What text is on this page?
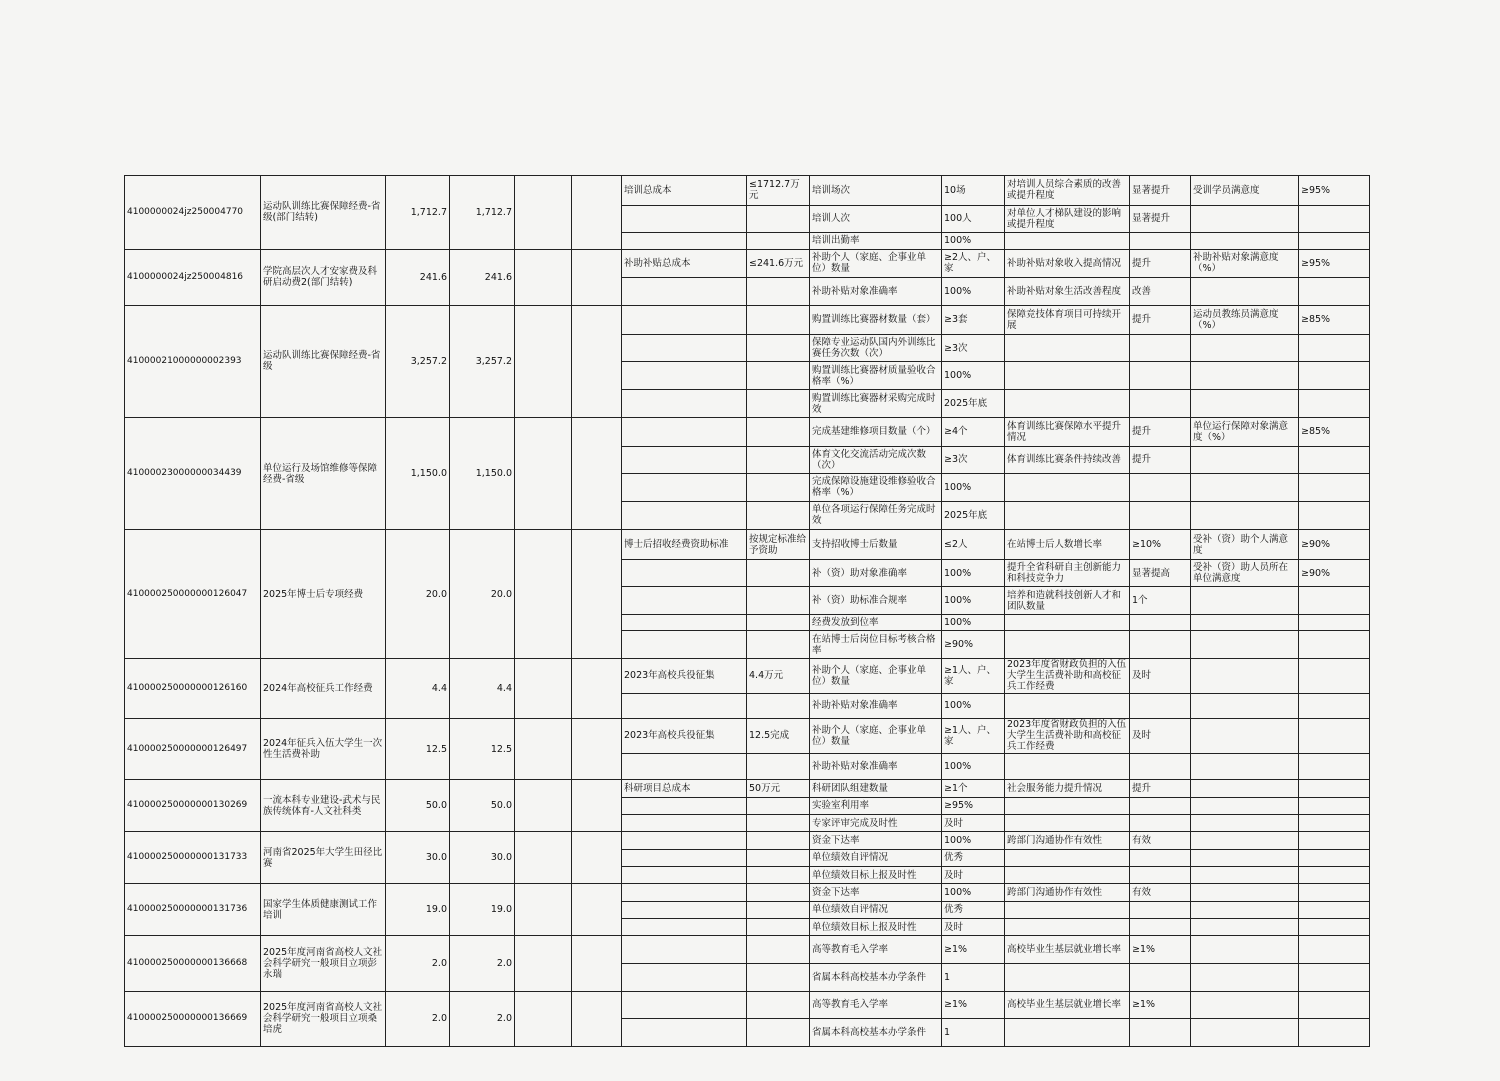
4100000024jz250004770	运动队训练比赛保障经费-省级(部门结转)	1,712.7	1,712.7			培训总成本	≤1712.7万元	培训场次	10场	对培训人员综合素质的改善或提升程度	显著提升	受训学员满意度	≥95%
								培训人次	100人	对单位人才梯队建设的影响或提升程度	显著提升		
								培训出勤率	100%				
4100000024jz250004816	学院高层次人才安家费及科研启动费2(部门结转)	241.6	241.6			补助补贴总成本	≤241.6万元	补助个人（家庭、企事业单位）数量	≥2人、户、家	补助补贴对象收入提高情况	提升	补助补贴对象满意度（%）	≥95%
								补助补贴对象准确率	100%	补助补贴对象生活改善程度	改善		
41000021000000002393	运动队训练比赛保障经费-省级	3,257.2	3,257.2					购置训练比赛器材数量（套）	≥3套	保障竞技体育项目可持续开展	提升	运动员教练员满意度（%）	≥85%
								保障专业运动队国内外训练比赛任务次数（次）	≥3次				
								购置训练比赛器材质量验收合格率（%）	100%				
								购置训练比赛器材采购完成时效	2025年底				
41000023000000034439	单位运行及场馆维修等保障经费-省级	1,150.0	1,150.0					完成基建维修项目数量（个）	≥4个	体育训练比赛保障水平提升情况	提升	单位运行保障对象满意度（%）	≥85%
								体育文化交流活动完成次数（次）	≥3次	体育训练比赛条件持续改善	提升		
								完成保障设施建设维修验收合格率（%）	100%				
								单位各项运行保障任务完成时效	2025年底				
410000250000000126047	2025年博士后专项经费	20.0	20.0			博士后招收经费资助标准	按规定标准给予资助	支持招收博士后数量	≤2人	在站博士后人数增长率	≥10%	受补（资）助个人满意度	≥90%
								补（资）助对象准确率	100%	提升全省科研自主创新能力和科技竞争力	显著提高	受补（资）助人员所在单位满意度	≥90%
								补（资）助标准合规率	100%	培养和造就科技创新人才和团队数量	1个		
								经费发放到位率	100%				
								在站博士后岗位目标考核合格率	≥90%				
410000250000000126160	2024年高校征兵工作经费	4.4	4.4			2023年高校兵役征集	4.4万元	补助个人（家庭、企事业单位）数量	≥1人、户、家	2023年度省财政负担的入伍大学生生活费补助和高校征兵工作经费	及时		
								补助补贴对象准确率	100%				
410000250000000126497	2024年征兵入伍大学生一次性生活费补助	12.5	12.5			2023年高校兵役征集	12.5完成	补助个人（家庭、企事业单位）数量	≥1人、户、家	2023年度省财政负担的入伍大学生生活费补助和高校征兵工作经费	及时		
								补助补贴对象准确率	100%				
410000250000000130269	一流本科专业建设-武术与民族传统体育-人文社科类	50.0	50.0			科研项目总成本	50万元	科研团队组建数量	≥1个	社会服务能力提升情况	提升		
								实验室利用率	≥95%				
								专家评审完成及时性	及时				
410000250000000131733	河南省2025年大学生田径比赛	30.0	30.0					资金下达率	100%	跨部门沟通协作有效性	有效		
								单位绩效自评情况	优秀				
								单位绩效目标上报及时性	及时				
410000250000000131736	国家学生体质健康测试工作培训	19.0	19.0					资金下达率	100%	跨部门沟通协作有效性	有效		
								单位绩效自评情况	优秀				
								单位绩效目标上报及时性	及时				
410000250000000136668	2025年度河南省高校人文社会科学研究一般项目立项彭永瑞	2.0	2.0					高等教育毛入学率	≥1%	高校毕业生基层就业增长率	≥1%		
								省属本科高校基本办学条件	1				
410000250000000136669	2025年度河南省高校人文社会科学研究一般项目立项桑培虎	2.0	2.0					高等教育毛入学率	≥1%	高校毕业生基层就业增长率	≥1%		
								省属本科高校基本办学条件	1				
